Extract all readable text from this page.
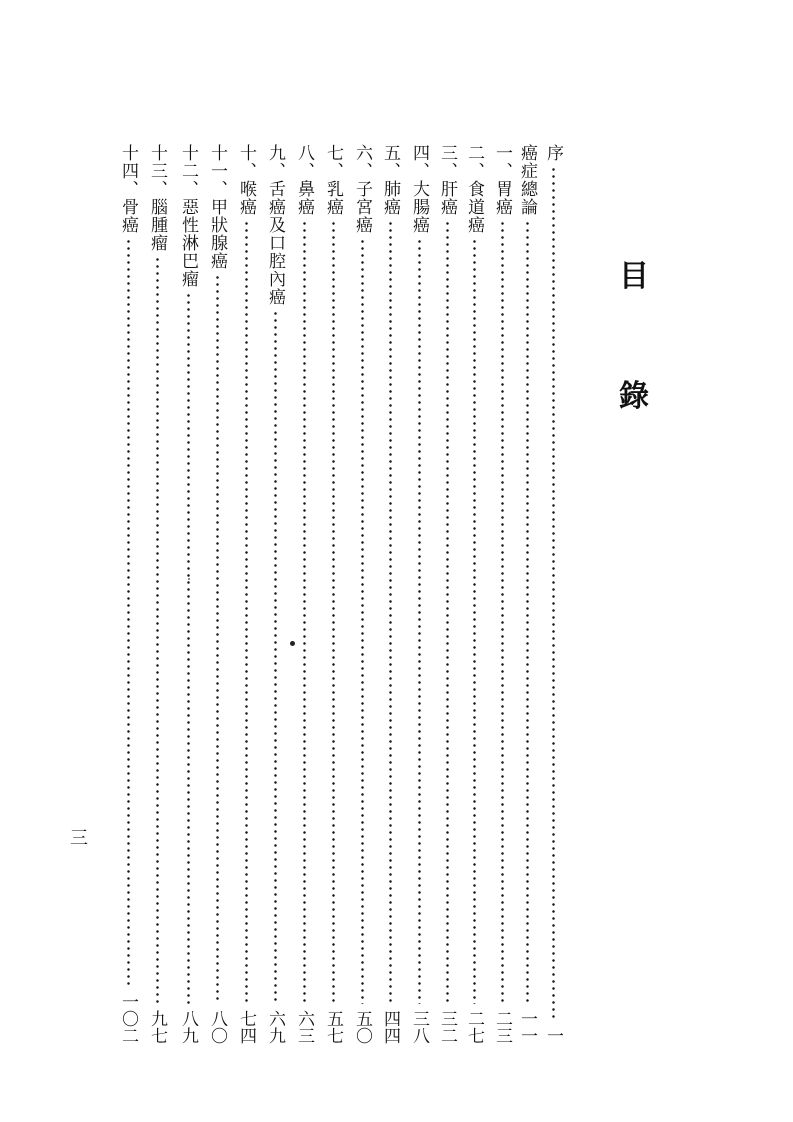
目
錄
序
一
癌症總論
一一
一、胃癌
二三
二、食道癌
二七
三、肝癌
三二
四、大腸癌
三八
五、肺癌
四四
六、子宮癌
五〇
七、乳癌
五七
八、鼻癌
六三
九、舌癌及口腔內癌
六九
十、喉癌
七四
十一、甲狀腺癌
八〇
十二、惡性淋巴瘤
八九
十三、腦腫瘤
九七
十四、骨癌
一〇二
三
